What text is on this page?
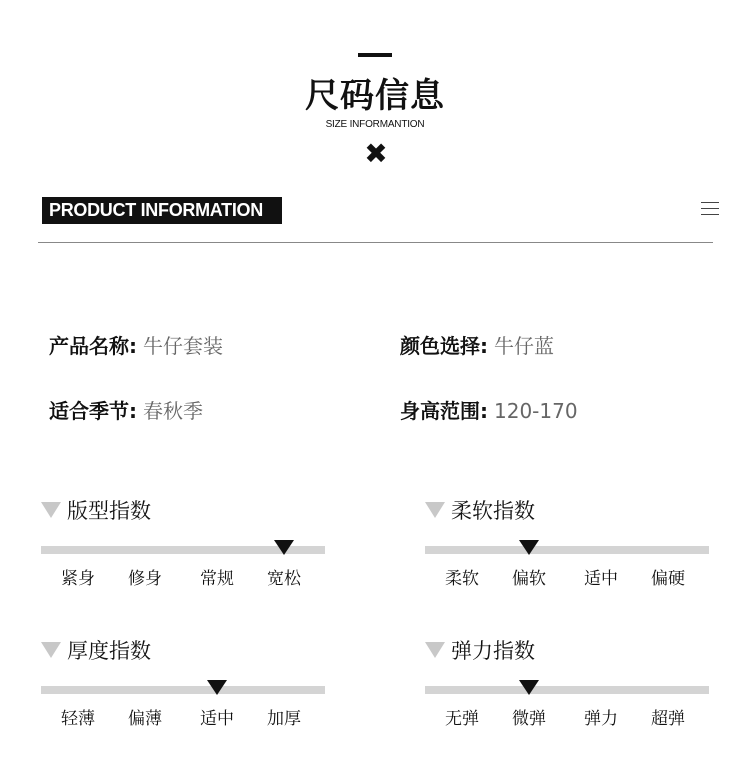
尺码信息
SIZE INFORMANTION
✖
PRODUCT INFORMATION
产品名称: 牛仔套装	颜色选择: 牛仔蓝
适合季节: 春秋季	身高范围: 120-170
版型指数
紧身 修身 常规 宽松
柔软指数
柔软 偏软 适中 偏硬
厚度指数
轻薄 偏薄 适中 加厚
弹力指数
无弹 微弹 弹力 超弹
